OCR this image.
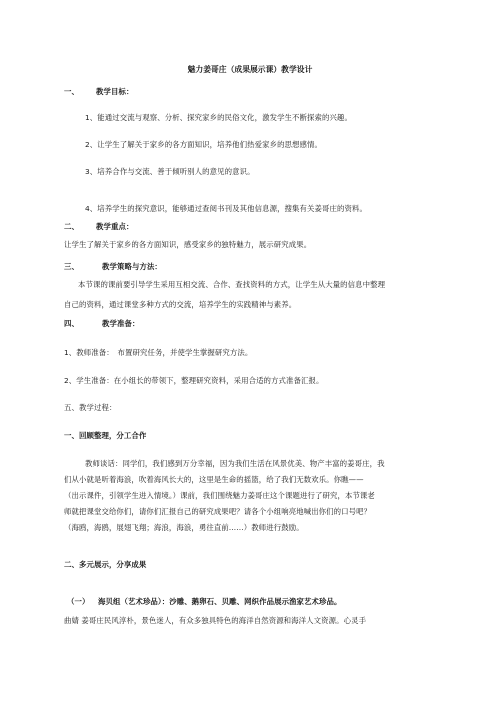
魅力姜哥庄（成果展示课）教学设计
一、 教学目标：
1、能通过交流与观察、分析、探究家乡的民俗文化，激发学生不断探索的兴趣。
2、让学生了解关于家乡的各方面知识，培养他们热爱家乡的思想感情。
3、培养合作与交流、善于倾听别人的意见的意识。
4、培养学生的探究意识，能够通过查阅书刊及其他信息源，搜集有关姜哥庄的资料。
二、 教学重点：
让学生了解关于家乡的各方面知识，感受家乡的独特魅力，展示研究成果。
三、	教学策略与方法：
本节课的课前要引导学生采用互相交流、合作、查找资料的方式，让学生从大量的信息中整理
自己的资料，通过课堂多种方式的交流，培养学生的实践精神与素养。
四、	教学准备：
1、教师准备：　布置研究任务，并使学生掌握研究方法。
2、学生准备：在小组长的带领下，整理研究资料，采用合适的方式准备汇报。
五、教学过程：
一、回顾整理，分工合作
教师谈话：同学们，我们感到万分幸福，因为我们生活在风景优美、物产丰富的姜哥庄，我
们从小就是听着海浪，吹着海风长大的，这里是生命的摇篮，给了我们无数欢乐。你瞧——
（出示课件，引领学生进入情境。）课前，我们围绕魅力姜哥庄这个课题进行了研究，本节课老
师就把课堂交给你们，请你们汇报自己的研究成果吧？请各个小组响亮地喊出你们的口号吧？
（海鸥，海鸥，展翅飞翔；海浪，海浪，勇往直前……）教师进行鼓励。
二、多元展示，分享成果
（一） 海贝组（艺术珍品）：沙雕、鹅卵石、贝雕、网织作品展示渔家艺术珍品。
曲婧 姜哥庄民风淳朴，景色迷人，有众多独具特色的海洋自然资源和海洋人文资源。心灵手
